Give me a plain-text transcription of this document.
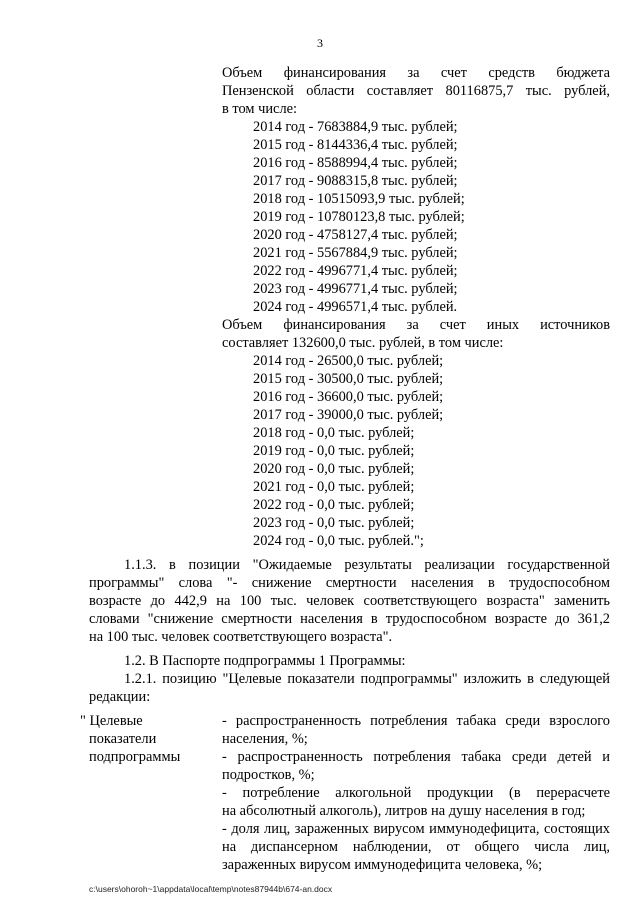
3
Объем финансирования за счет средств бюджета
Пензенской области составляет 80116875,7 тыс. рублей,
в том числе:
2014 год - 7683884,9 тыс. рублей;
2015 год - 8144336,4 тыс. рублей;
2016 год - 8588994,4 тыс. рублей;
2017 год - 9088315,8 тыс. рублей;
2018 год - 10515093,9 тыс. рублей;
2019 год - 10780123,8 тыс. рублей;
2020 год - 4758127,4 тыс. рублей;
2021 год - 5567884,9 тыс. рублей;
2022 год - 4996771,4 тыс. рублей;
2023 год - 4996771,4 тыс. рублей;
2024 год - 4996571,4 тыс. рублей.
Объем финансирования за счет иных источников
составляет 132600,0 тыс. рублей, в том числе:
2014 год - 26500,0 тыс. рублей;
2015 год - 30500,0 тыс. рублей;
2016 год - 36600,0 тыс. рублей;
2017 год - 39000,0 тыс. рублей;
2018 год - 0,0 тыс. рублей;
2019 год - 0,0 тыс. рублей;
2020 год - 0,0 тыс. рублей;
2021 год - 0,0 тыс. рублей;
2022 год - 0,0 тыс. рублей;
2023 год - 0,0 тыс. рублей;
2024 год - 0,0 тыс. рублей.";
1.1.3. в позиции "Ожидаемые результаты реализации государственной
программы" слова "- снижение смертности населения в трудоспособном
возрасте до 442,9 на 100 тыс. человек соответствующего возраста" заменить
словами "снижение смертности населения в трудоспособном возрасте до 361,2
на 100 тыс. человек соответствующего возраста".
1.2. В Паспорте подпрограммы 1 Программы:
1.2.1. позицию "Целевые показатели подпрограммы" изложить в следующей
редакции:
" Целевые
показатели
подпрограммы
- распространенность потребления табака среди взрослого
населения, %;
- распространенность потребления табака среди детей и
подростков, %;
- потребление алкогольной продукции (в перерасчете
на абсолютный алкоголь), литров на душу населения в год;
- доля лиц, зараженных вирусом иммунодефицита, состоящих
на диспансерном наблюдении, от общего числа лиц,
зараженных вирусом иммунодефицита человека, %;
c:\users\ohoroh~1\appdata\local\temp\notes87944b\674-an.docx
